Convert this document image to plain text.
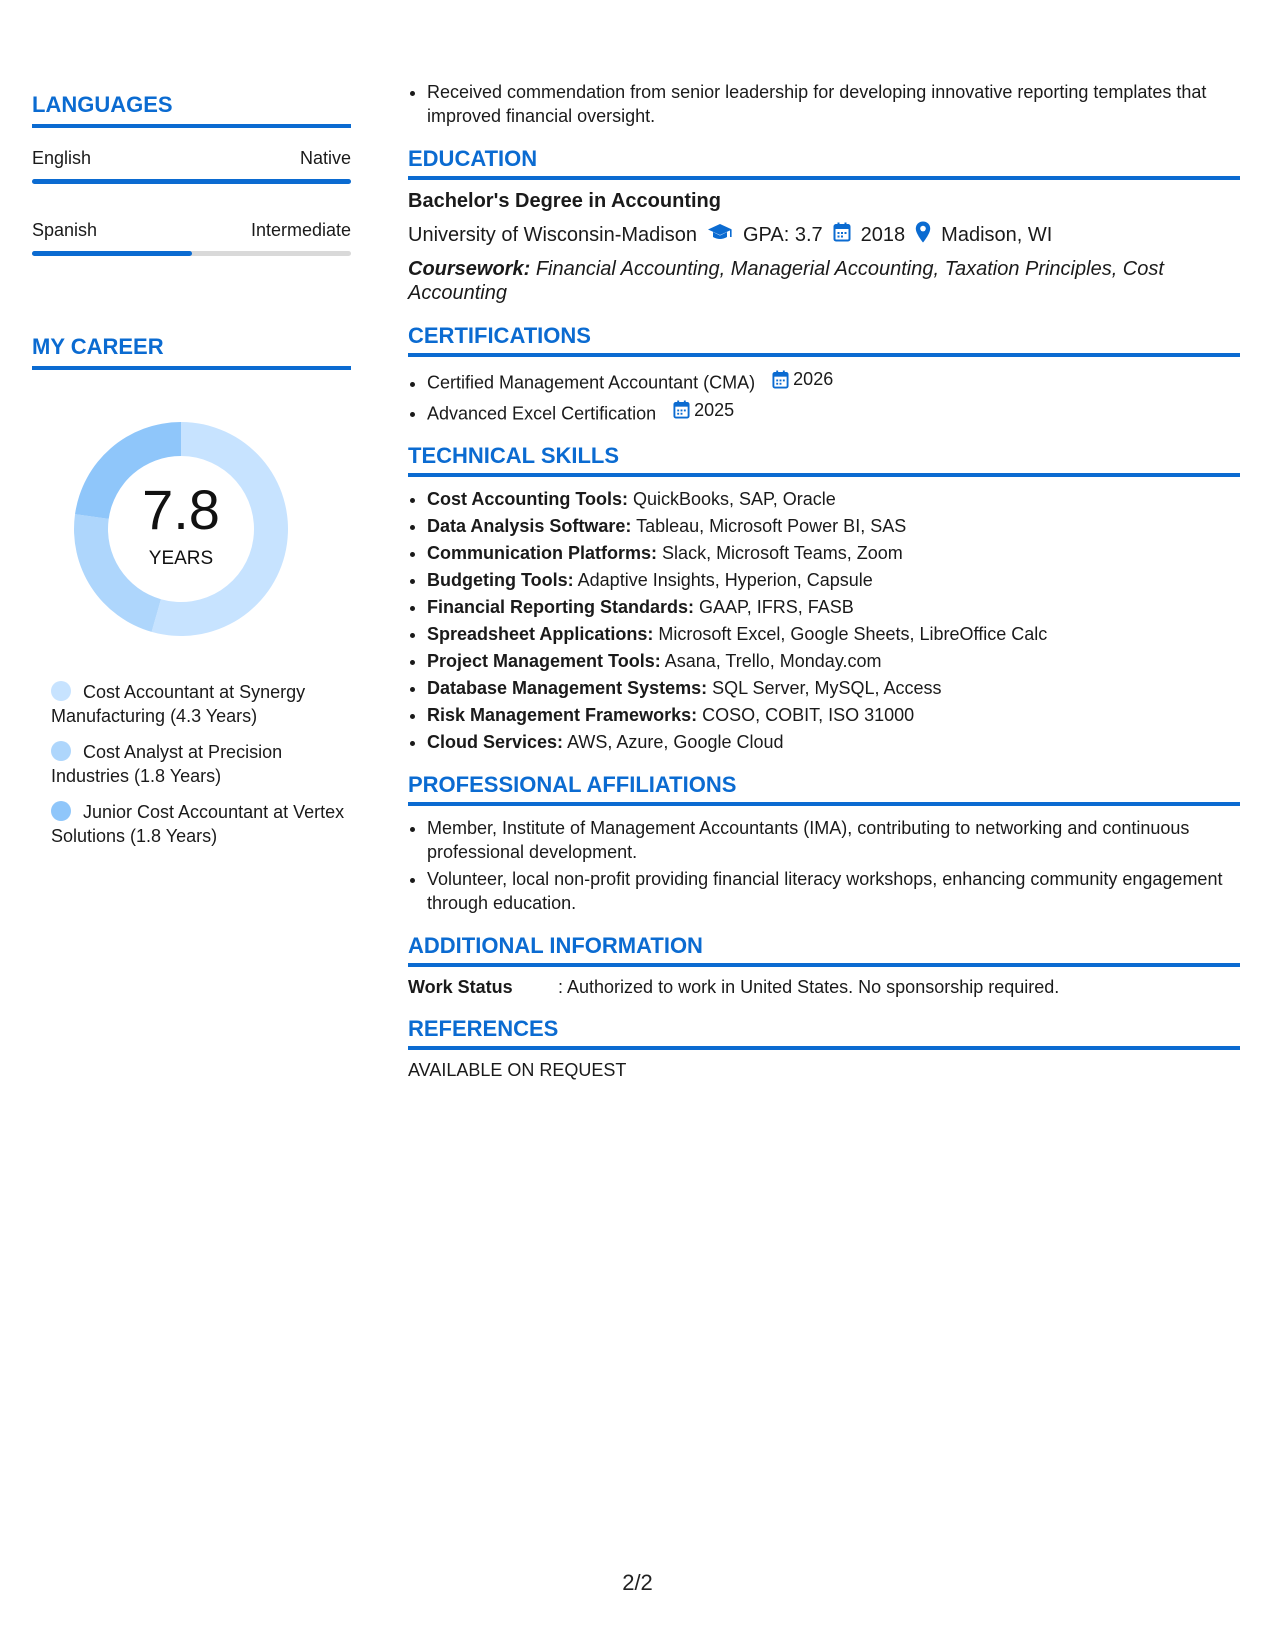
LANGUAGES
English	Native
Spanish	Intermediate
MY CAREER
7.8
YEARS
Cost Accountant at Synergy Manufacturing (4.3 Years)
Cost Analyst at Precision Industries (1.8 Years)
Junior Cost Accountant at Vertex Solutions (1.8 Years)
• Received commendation from senior leadership for developing innovative reporting templates that improved financial oversight.
EDUCATION
Bachelor's Degree in Accounting
University of Wisconsin-Madison GPA: 3.7 2018 Madison, WI
Coursework: Financial Accounting, Managerial Accounting, Taxation Principles, Cost Accounting
CERTIFICATIONS
• Certified Management Accountant (CMA) 2026
• Advanced Excel Certification 2025
TECHNICAL SKILLS
• Cost Accounting Tools: QuickBooks, SAP, Oracle
• Data Analysis Software: Tableau, Microsoft Power BI, SAS
• Communication Platforms: Slack, Microsoft Teams, Zoom
• Budgeting Tools: Adaptive Insights, Hyperion, Capsule
• Financial Reporting Standards: GAAP, IFRS, FASB
• Spreadsheet Applications: Microsoft Excel, Google Sheets, LibreOffice Calc
• Project Management Tools: Asana, Trello, Monday.com
• Database Management Systems: SQL Server, MySQL, Access
• Risk Management Frameworks: COSO, COBIT, ISO 31000
• Cloud Services: AWS, Azure, Google Cloud
PROFESSIONAL AFFILIATIONS
• Member, Institute of Management Accountants (IMA), contributing to networking and continuous professional development.
• Volunteer, local non-profit providing financial literacy workshops, enhancing community engagement through education.
ADDITIONAL INFORMATION
Work Status	: Authorized to work in United States. No sponsorship required.
REFERENCES
AVAILABLE ON REQUEST
2/2
